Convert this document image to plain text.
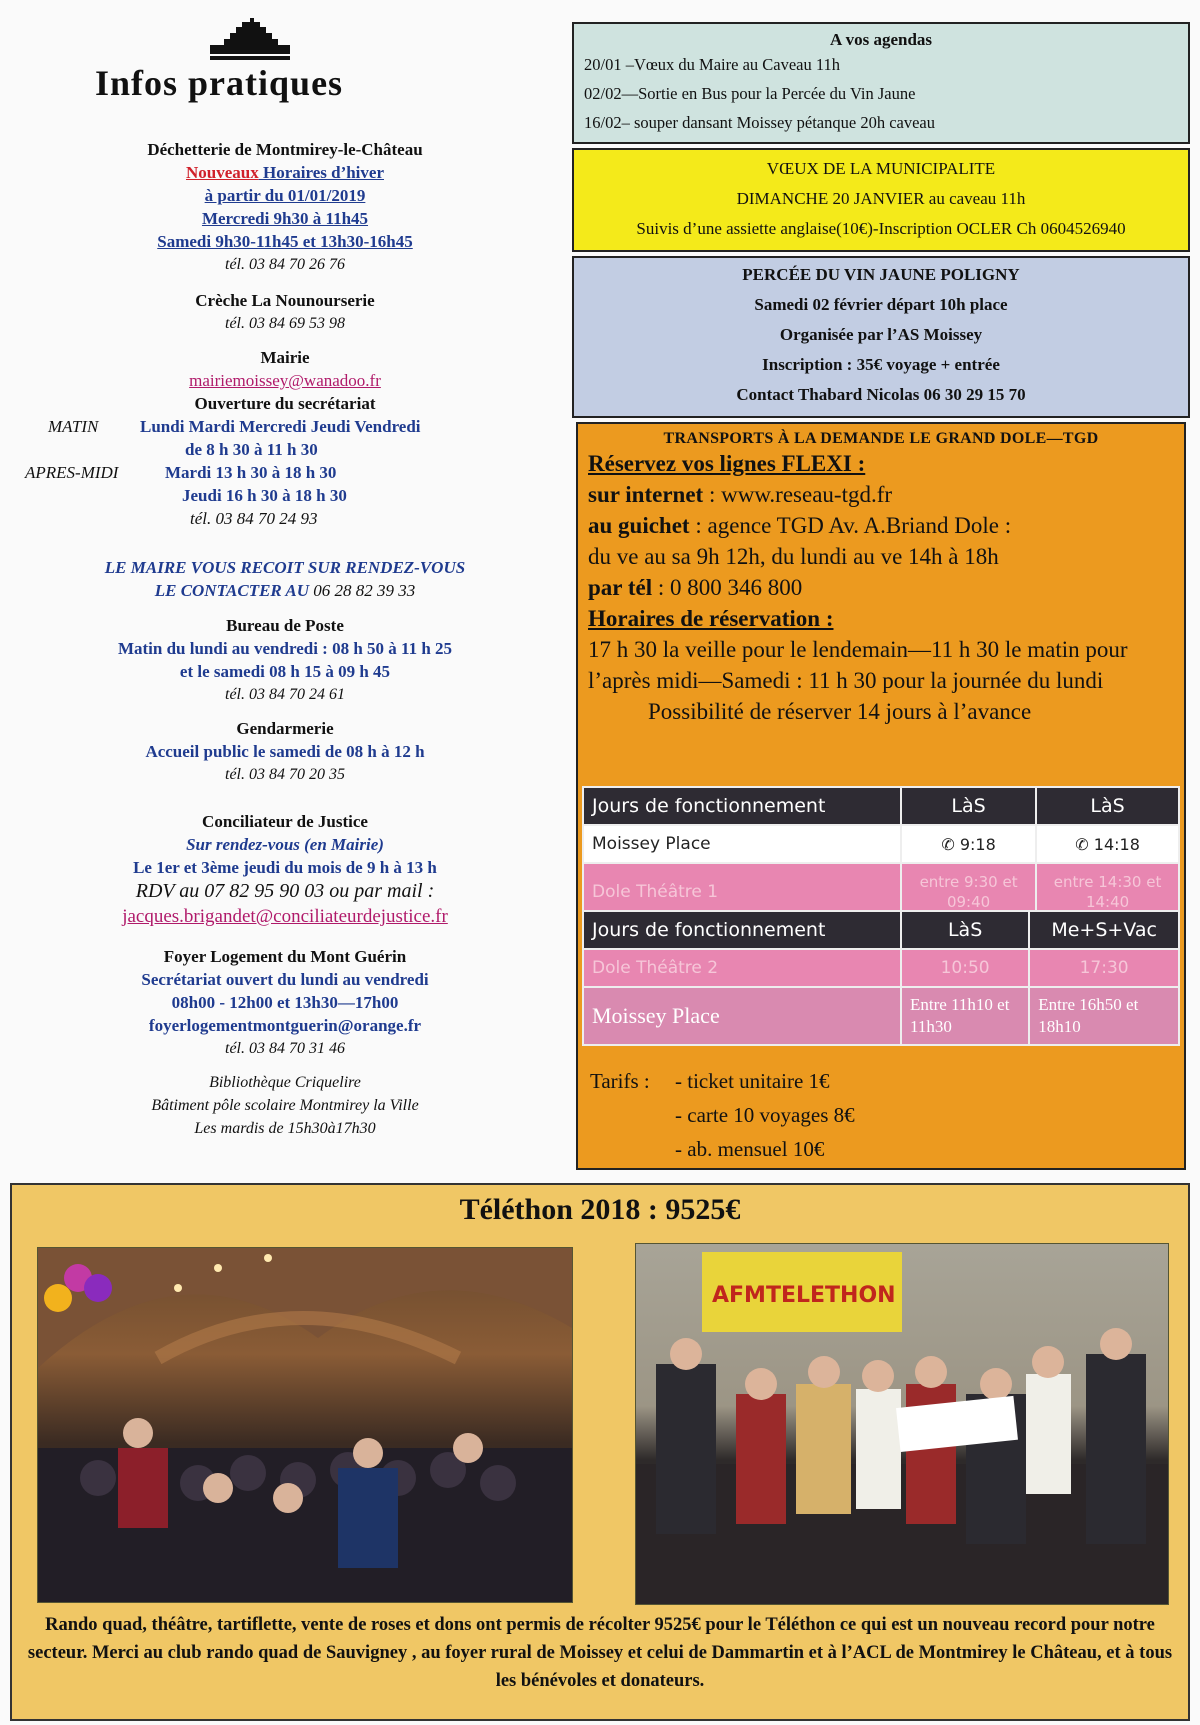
Infos pratiques
Déchetterie de Montmirey-le-Château
Nouveaux Horaires d’hiver
à partir du 01/01/2019
Mercredi 9h30 à 11h45
Samedi 9h30-11h45 et 13h30-16h45
tél. 03 84 70 26 76
Crèche La Nounourserie
tél. 03 84 69 53 98
Mairie
mairiemoissey@wanadoo.fr
Ouverture du secrétariat
MATIN Lundi Mardi Mercredi Jeudi Vendredi
de 8 h 30 à 11 h 30
APRES-MIDI	Mardi 13 h 30 à 18 h 30
Jeudi 16 h 30 à 18 h 30
tél. 03 84 70 24 93
LE MAIRE VOUS RECOIT SUR RENDEZ-VOUS
LE CONTACTER AU 06 28 82 39 33
Bureau de Poste
Matin du lundi au vendredi : 08 h 50 à 11 h 25
et le samedi 08 h 15 à 09 h 45
tél. 03 84 70 24 61
Gendarmerie
Accueil public le samedi de 08 h à 12 h
tél. 03 84 70 20 35
Conciliateur de Justice
Sur rendez-vous (en Mairie)
Le 1er et 3ème jeudi du mois de 9 h à 13 h
RDV au 07 82 95 90 03 ou par mail :
jacques.brigandet@conciliateurdejustice.fr
Foyer Logement du Mont Guérin
Secrétariat ouvert du lundi au vendredi
08h00 - 12h00 et 13h30—17h00
foyerlogementmontguerin@orange.fr
tél. 03 84 70 31 46
Bibliothèque Criquelire
Bâtiment pôle scolaire Montmirey la Ville
Les mardis de 15h30à17h30
A vos agendas
20/01 –Vœux du Maire au Caveau 11h
02/02—Sortie en Bus pour la Percée du Vin Jaune
16/02– souper dansant Moissey pétanque 20h caveau
VŒUX DE LA MUNICIPALITE
DIMANCHE 20 JANVIER au caveau 11h
Suivis d’une assiette anglaise(10€)-Inscription OCLER Ch 0604526940
PERCÉE DU VIN JAUNE POLIGNY
Samedi 02 février départ 10h place
Organisée par l’AS Moissey
Inscription : 35€ voyage + entrée
Contact Thabard Nicolas 06 30 29 15 70
TRANSPORTS À LA DEMANDE LE GRAND DOLE—TGD
Réservez vos lignes FLEXI :
sur internet : www.reseau-tgd.fr
au guichet : agence TGD Av. A.Briand Dole :
du ve au sa 9h 12h, du lundi au ve 14h à 18h
par tél : 0 800 346 800
Horaires de réservation :
17 h 30 la veille pour le lendemain—11 h 30 le matin pour l’après midi—Samedi : 11 h 30 pour la journée du lundi
Possibilité de réserver 14 jours à l’avance
Jours de fonctionnement	LàS	LàS
Moissey Place	✆ 9:18	✆ 14:18
Dole Théâtre 1	entre 9:30 et 09:40	entre 14:30 et 14:40
Jours de fonctionnement	LàS	Me+S+Vac
Dole Théâtre 2	10:50	17:30
Moissey Place	Entre 11h10 et 11h30	Entre 16h50 et 18h10
Tarifs : - ticket unitaire 1€
- carte 10 voyages 8€
- ab. mensuel 10€
Téléthon 2018 : 9525€
AFMTELETHON
Rando quad, théâtre, tartiflette, vente de roses et dons ont permis de récolter 9525€ pour le Téléthon ce qui est un nouveau record pour notre secteur. Merci au club rando quad de Sauvigney , au foyer rural de Moissey et celui de Dammartin et à l’ACL de Montmirey le Château, et à tous les bénévoles et donateurs.
